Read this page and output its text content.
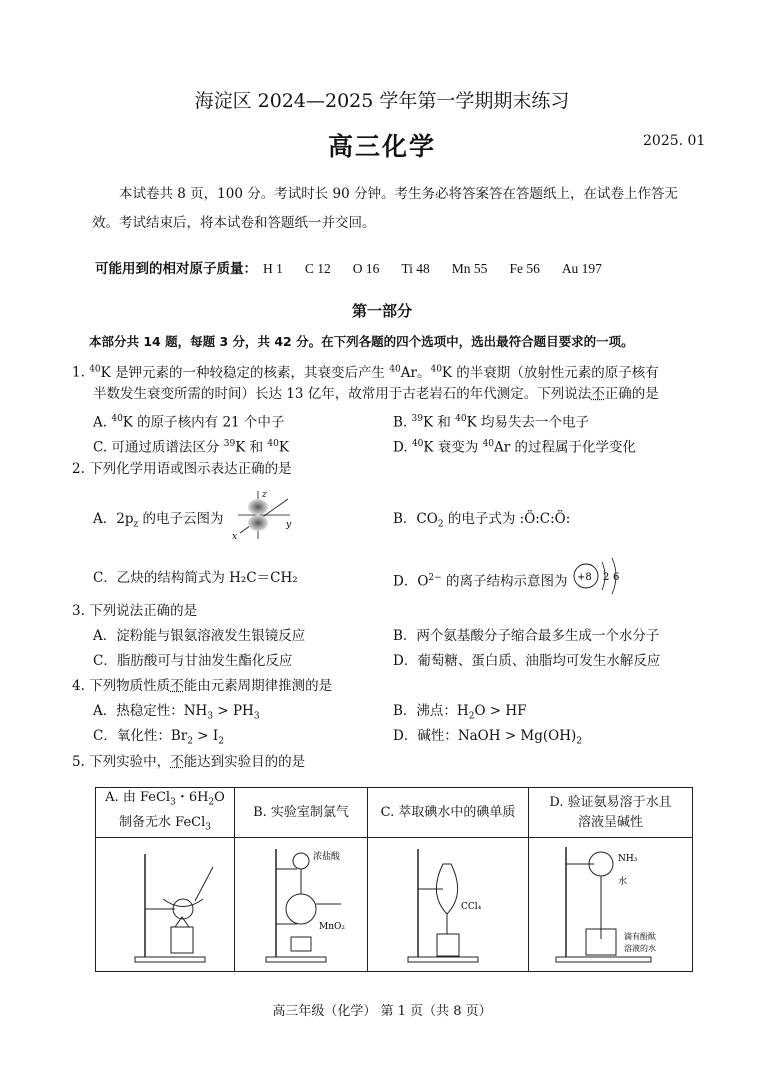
海淀区 2024—2025 学年第一学期期末练习
高三化学	2025. 01
本试卷共 8 页，100 分。考试时长 90 分钟。考生务必将答案答在答题纸上，在试卷上作答无效。考试结束后，将本试卷和答题纸一并交回。
可能用到的相对原子质量： H 1 C 12 O 16 Ti 48 Mn 55 Fe 56 Au 197
第一部分
本部分共 14 题，每题 3 分，共 42 分。在下列各题的四个选项中，选出最符合题目要求的一项。
1. $^{40}$K 是钾元素的一种较稳定的核素，其衰变后产生 $^{40}$Ar。$^{40}$K 的半衰期（放射性元素的原子核有
半数发生衰变所需的时间）长达 13 亿年，故常用于古老岩石的年代测定。下列说法不正确的是
A. $^{40}$K 的原子核内有 21 个中子	B. $^{39}$K 和 $^{40}$K 均易失去一个电子
C. 可通过质谱法区分 $^{39}$K 和 $^{40}$K	D. $^{40}$K 衰变为 $^{40}$Ar 的过程属于化学变化
2. 下列化学用语或图示表达正确的是
A．$2p_z$ 的电子云图为
z
y
x
B．$CO_2$ 的电子式为 :Ö:C:Ö:
C．乙炔的结构简式为 H₂C＝CH₂	D．$O^{2-}$ 的离子结构示意图为 +8 2 6
3. 下列说法正确的是
A．淀粉能与银氨溶液发生银镜反应	B．两个氨基酸分子缩合最多生成一个水分子
C．脂肪酸可与甘油发生酯化反应	D．葡萄糖、蛋白质、油脂均可发生水解反应
4. 下列物质性质不能由元素周期律推测的是
A．热稳定性：$NH_3 > PH_3$	B．沸点：$H_2O$ > HF
C．氧化性：$Br_2 > I_2$	D．碱性：NaOH > $Mg(OH)_2$
5. 下列实验中，不能达到实验目的的是
A. 由 FeCl$_3$・$6H_2O$
制备无水 FeCl$_3$	B. 实验室制氯气	C. 萃取碘水中的碘单质	D. 验证氨易溶于水且
溶液呈碱性

浓盐酸
MnO₂	CCl₄	NH₃
水
滴有酚酞
溶液的水
高三年级（化学） 第 1 页（共 8 页）
